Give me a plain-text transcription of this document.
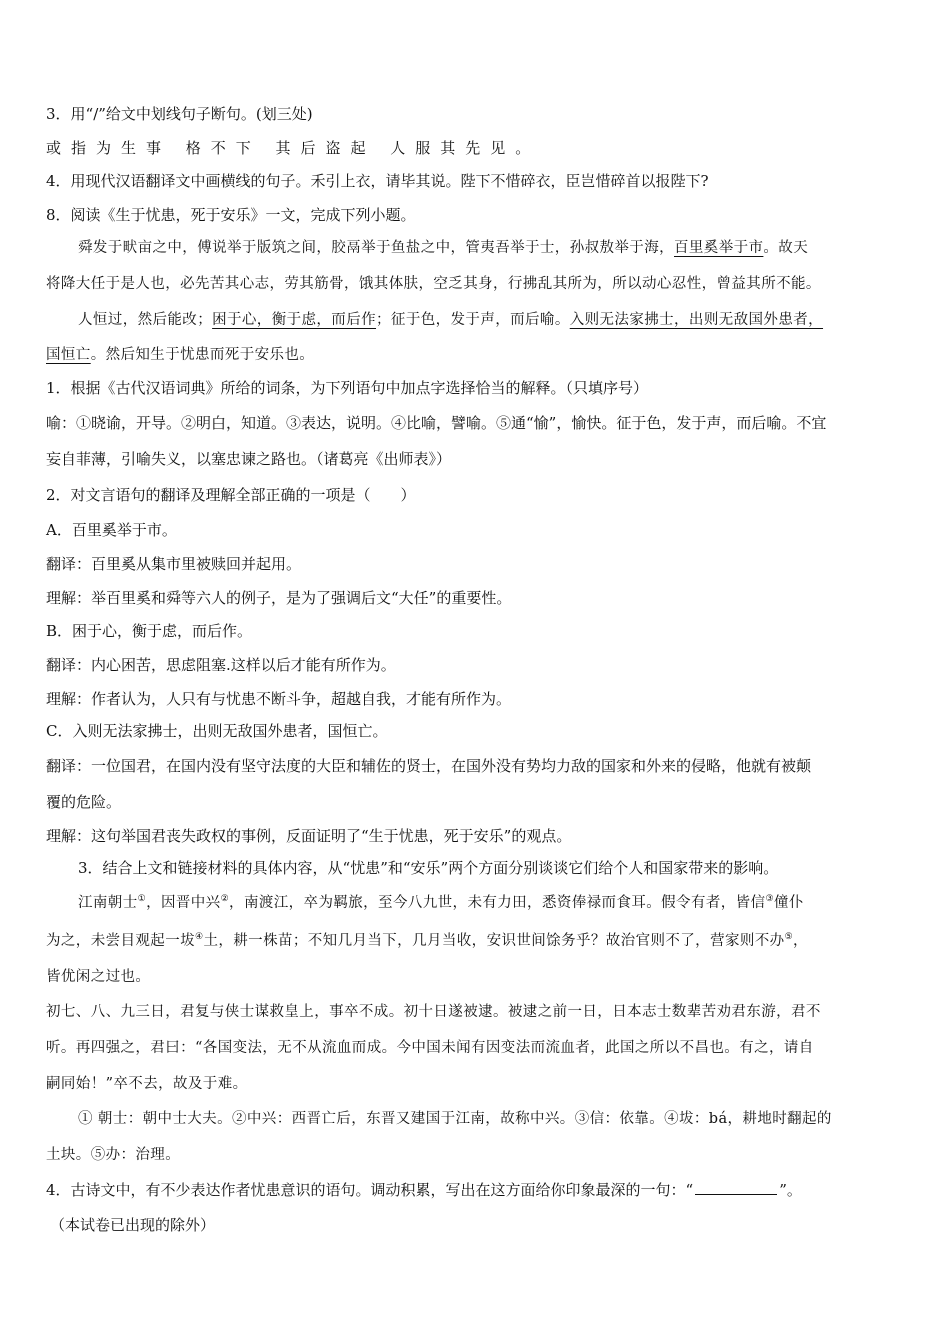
3．用“/”给文中划线句子断句。(划三处)
或指为生事 格不下 其后盗起 人服其先见。
4．用现代汉语翻译文中画横线的句子。禾引上衣，请毕其说。陛下不惜碎衣，臣岂惜碎首以报陛下?
8．阅读《生于忧患，死于安乐》一文，完成下列小题。
舜发于畎亩之中，傅说举于版筑之间，胶鬲举于鱼盐之中，管夷吾举于士，孙叔敖举于海，百里奚举于市。故天
将降大任于是人也，必先苦其心志，劳其筋骨，饿其体肤，空乏其身，行拂乱其所为，所以动心忍性，曾益其所不能。
人恒过，然后能改；困于心，衡于虑，而后作；征于色，发于声，而后喻。入则无法家拂士，出则无敌国外患者，
国恒亡。然后知生于忧患而死于安乐也。
1．根据《古代汉语词典》所给的词条，为下列语句中加点字选择恰当的解释。（只填序号）
喻：①晓谕，开导。②明白，知道。③表达，说明。④比喻，譬喻。⑤通“愉”，愉快。征于色，发于声，而后喻。不宜
妄自菲薄，引喻失义，以塞忠谏之路也。（诸葛亮《出师表》）
2．对文言语句的翻译及理解全部正确的一项是（　　）
A．百里奚举于市。
翻译：百里奚从集市里被赎回并起用。
理解：举百里奚和舜等六人的例子，是为了强调后文“大任”的重要性。
B．困于心，衡于虑，而后作。
翻译：内心困苦，思虑阻塞.这样以后才能有所作为。
理解：作者认为，人只有与忧患不断斗争，超越自我，才能有所作为。
C．入则无法家拂士，出则无敌国外患者，国恒亡。
翻译：一位国君，在国内没有坚守法度的大臣和辅佐的贤士，在国外没有势均力敌的国家和外来的侵略，他就有被颠
覆的危险。
理解：这句举国君丧失政权的事例，反面证明了“生于忧患，死于安乐”的观点。
3．结合上文和链接材料的具体内容，从“忧患”和“安乐”两个方面分别谈谈它们给个人和国家带来的影响。
江南朝士①，因晋中兴②，南渡江，卒为羁旅，至今八九世，未有力田，悉资俸禄而食耳。假令有者，皆信③僮仆
为之，未尝目观起一坺④土，耕一株苗；不知几月当下，几月当收，安识世间馀务乎？故治官则不了，营家则不办⑤，
皆优闲之过也。
初七、八、九三日，君复与侠士谋救皇上，事卒不成。初十日遂被逮。被逮之前一日，日本志士数辈苦劝君东游，君不
听。再四强之，君曰：“各国变法，无不从流血而成。今中国未闻有因变法而流血者，此国之所以不昌也。有之，请自
嗣同始！”卒不去，故及于难。
① 朝士：朝中士大夫。②中兴：西晋亡后，东晋又建国于江南，故称中兴。③信：依靠。④坺：bá，耕地时翻起的
土块。⑤办：治理。
4．古诗文中，有不少表达作者忧患意识的语句。调动积累，写出在这方面给你印象最深的一句：“	”。
（本试卷已出现的除外）
